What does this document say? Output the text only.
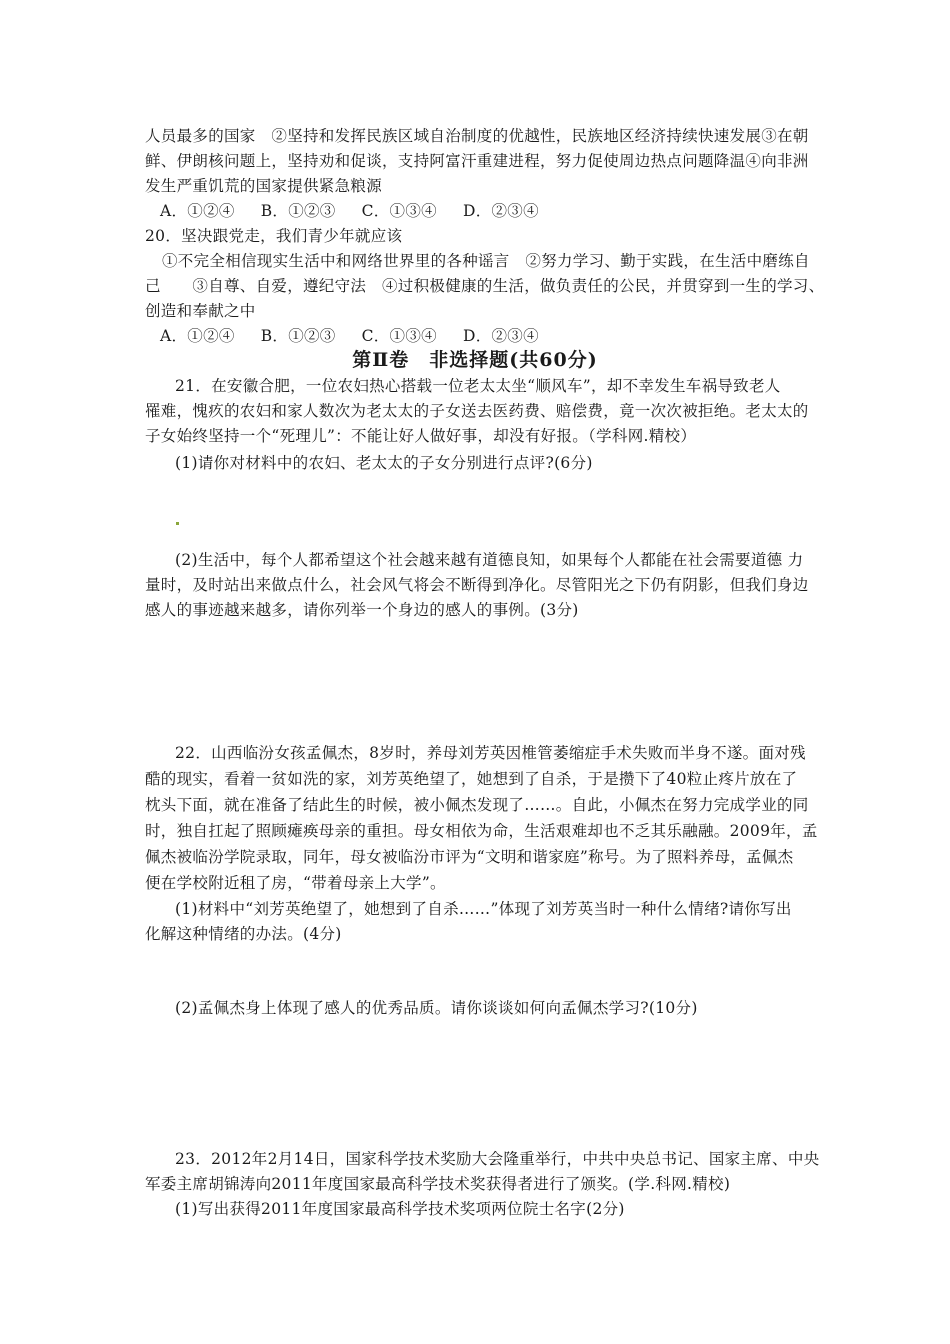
人员最多的国家　②坚持和发挥民族区域自治制度的优越性，民族地区经济持续快速发展③在朝
鲜、伊朗核问题上，坚持劝和促谈，支持阿富汗重建进程，努力促使周边热点问题降温④向非洲
发生严重饥荒的国家提供紧急粮源
A．①②④ B．①②③ C．①③④ D．②③④
20．坚决跟党走，我们青少年就应该
①不完全相信现实生活中和网络世界里的各种谣言　②努力学习、勤于实践，在生活中磨练自
己　　③自尊、自爱，遵纪守法　④过积极健康的生活，做负责任的公民，并贯穿到一生的学习、
创造和奉献之中
A．①②④ B．①②③ C．①③④ D．②③④
第Ⅱ卷　非选择题(共60分)
21．在安徽合肥，一位农妇热心搭载一位老太太坐“顺风车”，却不幸发生车祸导致老人
罹难，愧疚的农妇和家人数次为老太太的子女送去医药费、赔偿费，竟一次次被拒绝。老太太的
子女始终坚持一个“死理儿”：不能让好人做好事，却没有好报。（学科网.精校）
(1)请你对材料中的农妇、老太太的子女分别进行点评?(6分)
(2)生活中，每个人都希望这个社会越来越有道德良知，如果每个人都能在社会需要道德 力
量时，及时站出来做点什么，社会风气将会不断得到净化。尽管阳光之下仍有阴影，但我们身边
感人的事迹越来越多，请你列举一个身边的感人的事例。(3分)
22．山西临汾女孩孟佩杰，8岁时，养母刘芳英因椎管萎缩症手术失败而半身不遂。面对残
酷的现实，看着一贫如洗的家，刘芳英绝望了，她想到了自杀，于是攒下了40粒止疼片放在了
枕头下面，就在准备了结此生的时候，被小佩杰发现了……。自此，小佩杰在努力完成学业的同
时，独自扛起了照顾瘫痪母亲的重担。母女相依为命，生活艰难却也不乏其乐融融。2009年，孟
佩杰被临汾学院录取，同年，母女被临汾市评为“文明和谐家庭”称号。为了照料养母，孟佩杰
便在学校附近租了房，“带着母亲上大学”。
(1)材料中“刘芳英绝望了，她想到了自杀……”体现了刘芳英当时一种什么情绪?请你写出
化解这种情绪的办法。(4分)
(2)孟佩杰身上体现了感人的优秀品质。请你谈谈如何向孟佩杰学习?(10分)
23．2012年2月14日，国家科学技术奖励大会隆重举行，中共中央总书记、国家主席、中央
军委主席胡锦涛向2011年度国家最高科学技术奖获得者进行了颁奖。(学.科网.精校)
(1)写出获得2011年度国家最高科学技术奖项两位院士名字(2分)
